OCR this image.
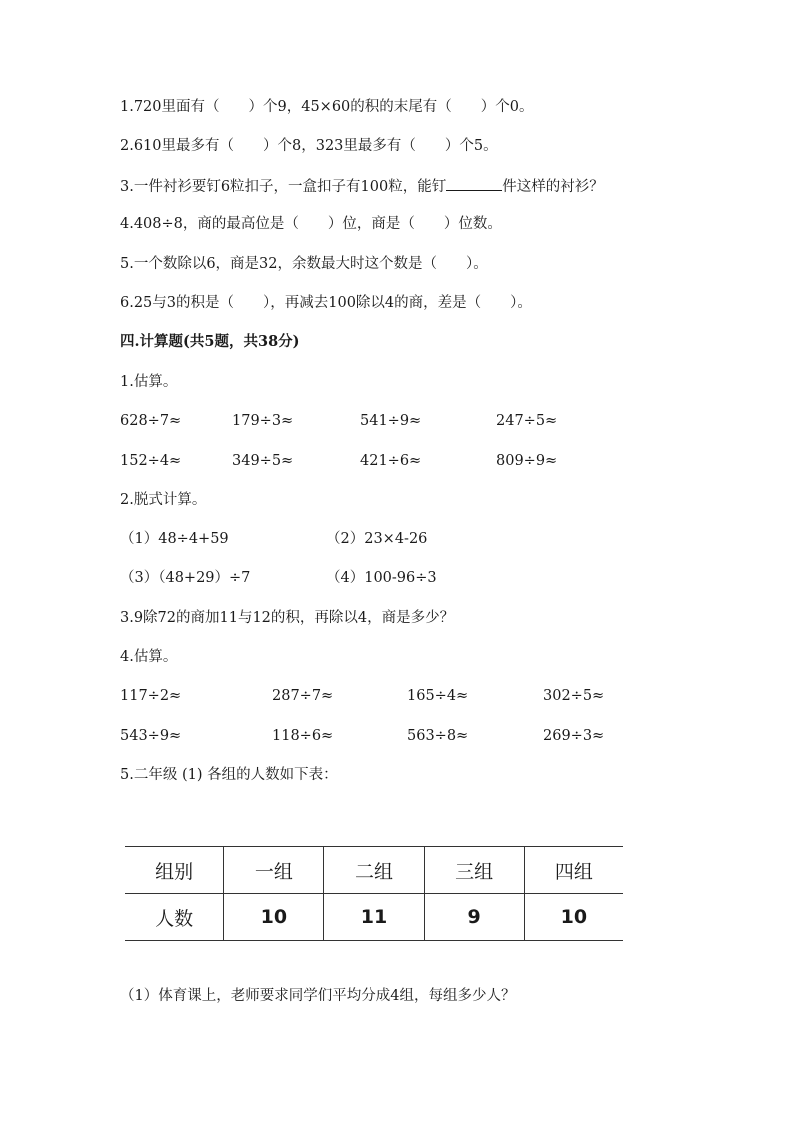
1.720里面有（　　）个9，45×60的积的末尾有（　　）个0。
2.610里最多有（　　）个8，323里最多有（　　）个5。
3.一件衬衫要钉6粒扣子，一盒扣子有100粒，能钉	件这样的衬衫？
4.408÷8，商的最高位是（　　）位，商是（　　）位数。
5.一个数除以6，商是32，余数最大时这个数是（　　）。
6.25与3的积是（　　），再减去100除以4的商，差是（　　）。
四.计算题(共5题，共38分)
1.估算。
628÷7≈	179÷3≈	541÷9≈	247÷5≈
152÷4≈	349÷5≈	421÷6≈	809÷9≈
2.脱式计算。
（1）48÷4+59	（2）23×4-26
（3）（48+29）÷7	（4）100-96÷3
3.9除72的商加11与12的积，再除以4，商是多少？
4.估算。
117÷2≈	287÷7≈	165÷4≈	302÷5≈
543÷9≈	118÷6≈	563÷8≈	269÷3≈
5.二年级 (1) 各组的人数如下表：
组别	一组	二组	三组	四组
人数	10	11	9	10
（1）体育课上，老师要求同学们平均分成4组，每组多少人？
